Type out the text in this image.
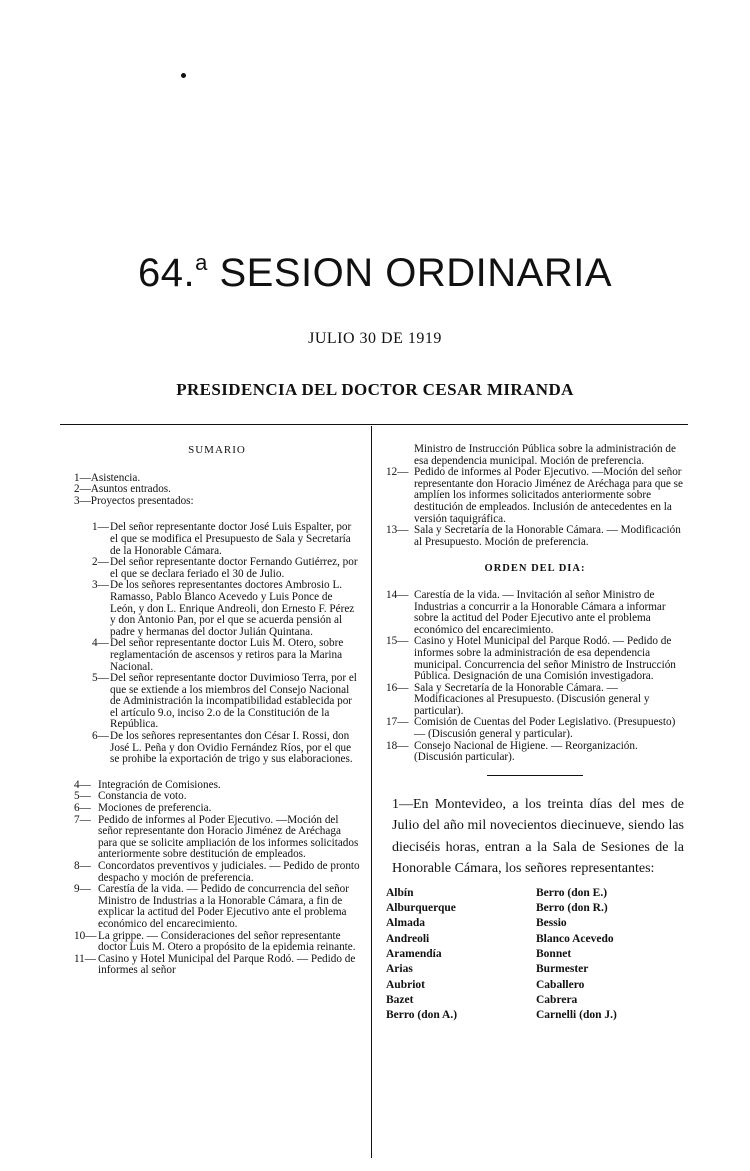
64.$^a$ SESION ORDINARIA
JULIO 30 DE 1919
PRESIDENCIA DEL DOCTOR CESAR MIRANDA
SUMARIO
1—Asistencia.
2—Asuntos entrados.
3—Proyectos presentados:
1— Del señor representante doctor José Luis Espalter, por el que se modifica el Presupuesto de Sala y Secretaría de la Honorable Cámara.
2— Del señor representante doctor Fernando Gutiérrez, por el que se declara feriado el 30 de Julio.
3— De los señores representantes doctores Ambrosio L. Ramasso, Pablo Blanco Acevedo y Luis Ponce de León, y don L. Enrique Andreoli, don Ernesto F. Pérez y don Antonio Pan, por el que se acuerda pensión al padre y hermanas del doctor Julián Quintana.
4— Del señor representante doctor Luis M. Otero, sobre reglamentación de ascensos y retiros para la Marina Nacional.
5— Del señor representante doctor Duvimioso Terra, por el que se extiende a los miembros del Consejo Nacional de Administración la incompatibilidad establecida por el artículo 9.o, inciso 2.o de la Constitución de la República.
6— De los señores representantes don César I. Rossi, don José L. Peña y don Ovidio Fernández Ríos, por el que se prohibe la exportación de trigo y sus elaboraciones.
4— Integración de Comisiones.
5— Constancia de voto.
6— Mociones de preferencia.
7— Pedido de informes al Poder Ejecutivo. —Moción del señor representante don Horacio Jiménez de Aréchaga para que se solicite ampliación de los informes solicitados anteriormente sobre destitución de empleados.
8— Concordatos preventivos y judiciales. — Pedido de pronto despacho y moción de preferencia.
9— Carestía de la vida. — Pedido de concurrencia del señor Ministro de Industrias a la Honorable Cámara, a fin de explicar la actitud del Poder Ejecutivo ante el problema económico del encarecimiento.
10— La grippe. — Consideraciones del señor representante doctor Luis M. Otero a propósito de la epidemia reinante.
11— Casino y Hotel Municipal del Parque Rodó. — Pedido de informes al señor
Ministro de Instrucción Pública sobre la administración de esa dependencia municipal. Moción de preferencia.
12— Pedido de informes al Poder Ejecutivo. —Moción del señor representante don Horacio Jiménez de Aréchaga para que se amplíen los informes solicitados anteriormente sobre destitución de empleados. Inclusión de antecedentes en la versión taquigráfica.
13— Sala y Secretaría de la Honorable Cámara. — Modificación al Presupuesto. Moción de preferencia.
ORDEN DEL DIA:
14— Carestía de la vida. — Invitación al señor Ministro de Industrias a concurrir a la Honorable Cámara a informar sobre la actitud del Poder Ejecutivo ante el problema económico del encarecimiento.
15— Casino y Hotel Municipal del Parque Rodó. — Pedido de informes sobre la administración de esa dependencia municipal. Concurrencia del señor Ministro de Instrucción Pública. Designación de una Comisión investigadora.
16— Sala y Secretaría de la Honorable Cámara. — Modificaciones al Presupuesto. (Discusión general y particular).
17— Comisión de Cuentas del Poder Legislativo. (Presupuesto) — (Discusión general y particular).
18— Consejo Nacional de Higiene. — Reorganización. (Discusión particular).
1—En Montevideo, a los treinta días del mes de Julio del año mil novecientos diecinueve, siendo las dieciséis horas, entran a la Sala de Sesiones de la Honorable Cámara, los señores representantes:
Albín	Berro (don E.)
Alburquerque	Berro (don R.)
Almada	Bessio
Andreoli	Blanco Acevedo
Aramendía	Bonnet
Arias	Burmester
Aubriot	Caballero
Bazet	Cabrera
Berro (don A.)	Carnelli (don J.)
